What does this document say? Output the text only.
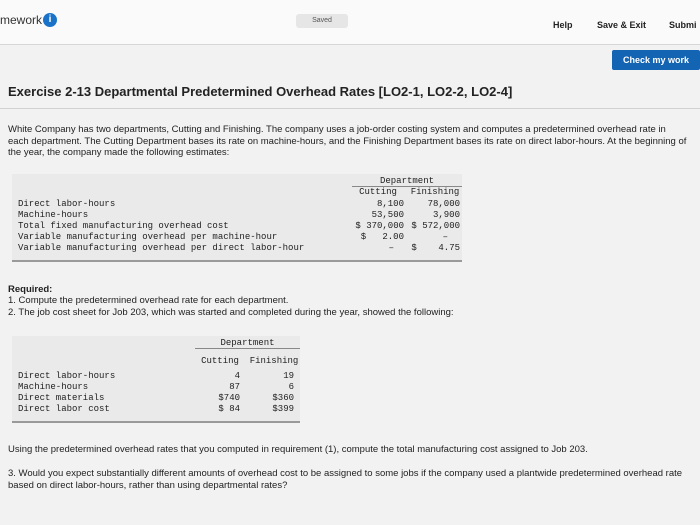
mework i	Saved	Help	Save & Exit	Submi
Check my work
Exercise 2-13 Departmental Predetermined Overhead Rates [LO2-1, LO2-2, LO2-4]
White Company has two departments, Cutting and Finishing. The company uses a job-order costing system and computes a predetermined overhead rate in each department. The Cutting Department bases its rate on machine-hours, and the Finishing Department bases its rate on direct labor-hours. At the beginning of the year, the company made the following estimates:
Department
Cutting	Finishing
Direct labor-hours	8,100	78,000
Machine-hours	53,500	3,900
Total fixed manufacturing overhead cost	$ 370,000 $ 572,000
Variable manufacturing overhead per machine-hour	$   2.00	–
Variable manufacturing overhead per direct labor-hour	–	$    4.75
Required:
1. Compute the predetermined overhead rate for each department.
2. The job cost sheet for Job 203, which was started and completed during the year, showed the following:
Department
Cutting	Finishing
Direct labor-hours	4	19
Machine-hours	87	6
Direct materials	$740	$360
Direct labor cost	$ 84	$399
Using the predetermined overhead rates that you computed in requirement (1), compute the total manufacturing cost assigned to Job 203.
3. Would you expect substantially different amounts of overhead cost to be assigned to some jobs if the company used a plantwide predetermined overhead rate based on direct labor-hours, rather than using departmental rates?
